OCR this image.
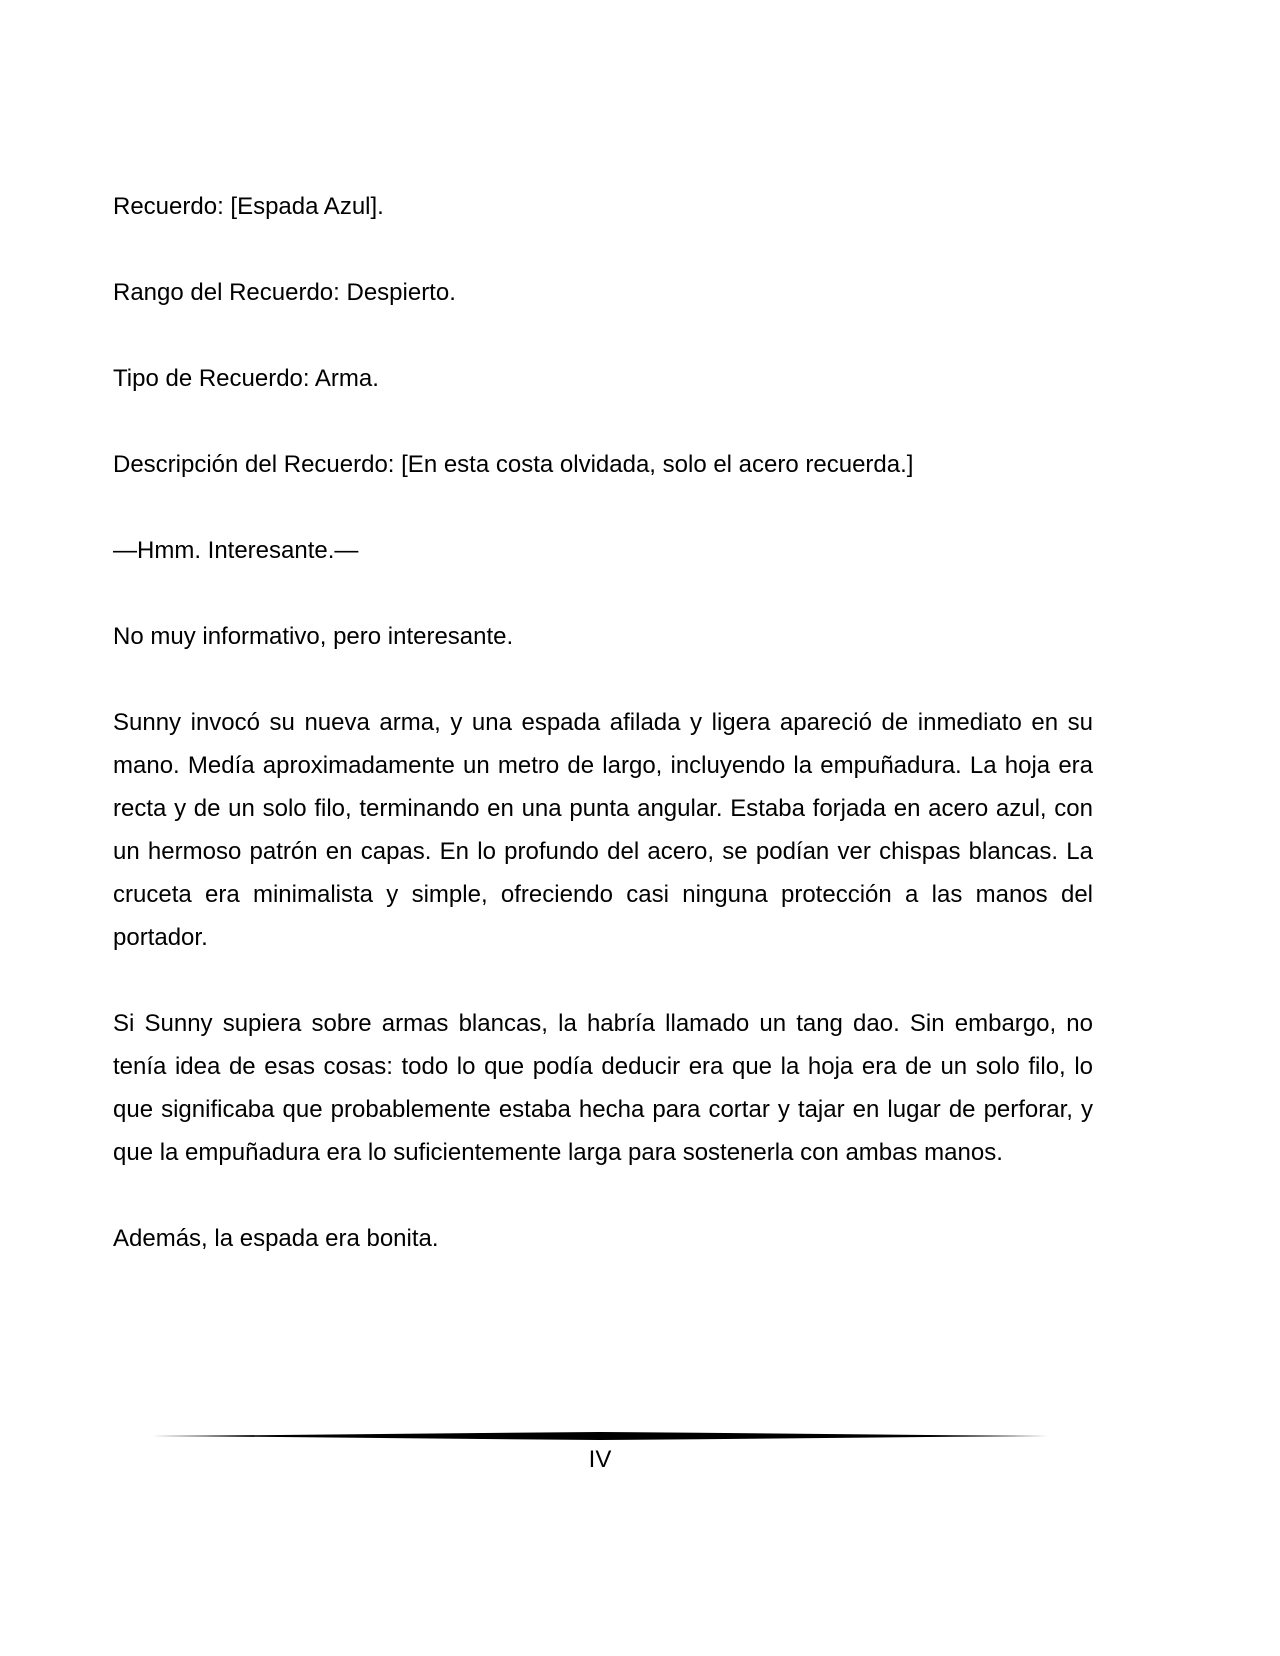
Recuerdo: [Espada Azul].

Rango del Recuerdo: Despierto.

Tipo de Recuerdo: Arma.

Descripción del Recuerdo: [En esta costa olvidada, solo el acero recuerda.]

—Hmm. Interesante.—

No muy informativo, pero interesante.

Sunny invocó su nueva arma, y una espada afilada y ligera apareció de inmediato en su mano. Medía aproximadamente un metro de largo, incluyendo la empuñadura. La hoja era recta y de un solo filo, terminando en una punta angular. Estaba forjada en acero azul, con un hermoso patrón en capas. En lo profundo del acero, se podían ver chispas blancas. La cruceta era minimalista y simple, ofreciendo casi ninguna protección a las manos del portador.

Si Sunny supiera sobre armas blancas, la habría llamado un tang dao. Sin embargo, no tenía idea de esas cosas: todo lo que podía deducir era que la hoja era de un solo filo, lo que significaba que probablemente estaba hecha para cortar y tajar en lugar de perforar, y que la empuñadura era lo suficientemente larga para sostenerla con ambas manos.

Además, la espada era bonita.

IV
